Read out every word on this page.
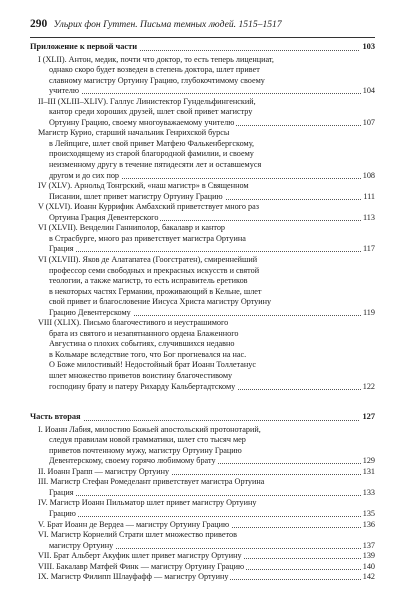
290 Ульрих фон Гуттен. Письма темных людей. 1515–1517
Приложение к первой части	103
I (XLII). Антон, медик, почти что доктор, то есть теперь лиценциат,
однако скоро будет возведен в степень доктора, шлет привет
славному магистру Ортуину Грацию, глубокочтимому своему
учителю	104
II–III (XLIII–XLIV). Галлус Линистектор Гундельфингенский,
кантор среди хороших друзей, шлет свой привет магистру
Ортуину Грацию, своему многоуважаемому учителю	107
Магистр Курио, старший начальник Генрихской бурсы
в Лейпциге, шлет свой привет Матфею Фалькенбергскому,
происходящему из старой благородной фамилии, и своему
неизменному другу в течение пятидесяти лет и оставшемуся
другом и до сих пор	108
IV (XLV). Арнольд Тонгрский, «наш магистр» в Священном
Писании, шлет привет магистру Ортуину Грацию	111
V (XLVI). Иоанн Куррифик Амбахский приветствует много раз
Ортуина Грация Девентерского	113
VI (XLVII). Венделин Ганниполор, бакалавр и кантор
в Страсбурге, много раз приветствует магистра Ортуина
Грация	117
VI (XLVIII). Яков де Алатапатеа (Гоогстратен), смиреннейший
профессор семи свободных и прекрасных искусств и святой
теологии, а также магистр, то есть исправитель еретиков
в некоторых частях Германии, проживающий в Кельне, шлет
свой привет и благословение Иисуса Христа магистру Ортуину
Грацию Девентерскому	119
VIII (XLIX). Письмо благочестивого и неустрашимого
брата из святого и незапятнанного ордена Блаженного
Августина о плохих событиях, случившихся недавно
в Кольмаре вследствие того, что Бог прогневался на нас.
О Боже милостивый! Недостойный брат Иоанн Толлетанус
шлет множество приветов воистину благочестивому
господину брату и патеру Рихарду Кальбертадтскому	122
Часть вторая	127
I. Иоанн Лабия, милостию Божьей апостольский протонотарий,
следуя правилам новой грамматики, шлет сто тысяч мер
приветов почтенному мужу, магистру Ортуину Грацию
Девентерскому, своему горячо любимому брату	129
II. Иоанн Грапп — магистру Ортуину	131
III. Магистр Стефан Ромеделант приветствует магистра Ортуина
Грация	133
IV. Магистр Иоанн Пильматор шлет привет магистру Ортуину
Грацию	135
V. Брат Иоанн де Вердеа — магистру Ортуину Грацию	136
VI. Магистр Корнелий Страти шлет множество приветов
магистру Ортуину	137
VII. Брат Альберт Акуфик шлет привет магистру Ортуину	139
VIII. Бакалавр Матфей Финк — магистру Ортуину Грацию	140
IX. Магистр Филипп Шлауфафф — магистру Ортуину	142
